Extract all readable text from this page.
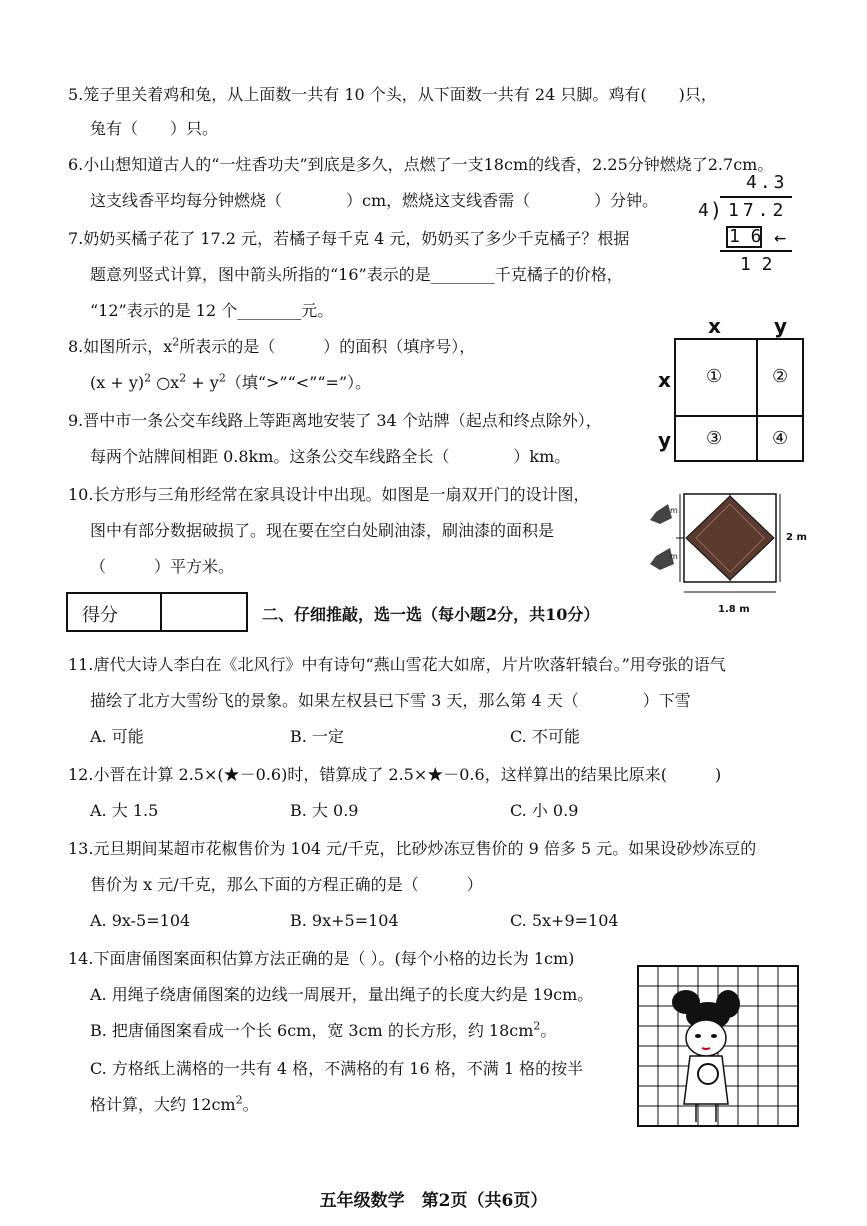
5.笼子里关着鸡和兔，从上面数一共有 10 个头，从下面数一共有 24 只脚。鸡有(　　)只，
兔有（　　）只。
6.小山想知道古人的“一炷香功夫”到底是多久，点燃了一支18cm的线香，2.25分钟燃烧了2.7cm。
这支线香平均每分钟燃烧（　　　　）cm，燃烧这支线香需（　　　　）分钟。
7.奶奶买橘子花了 17.2 元，若橘子每千克 4 元，奶奶买了多少千克橘子？根据
题意列竖式计算，图中箭头所指的“16”表示的是________千克橘子的价格，
“12”表示的是 12 个________元。
4.3
4 ) 17.2
1 6 ←
1 2
8.如图所示，$x^2$所表示的是（　　　）的面积（填序号），
$(x + y)^2$ $○x^2 + y^2$（填“>”“<”“=”）。
x	y
x
y
①	②
③	④
9.晋中市一条公交车线路上等距离地安装了 34 个站牌（起点和终点除外），
每两个站牌间相距 0.8km。这条公交车线路全长（　　　　）km。
10.长方形与三角形经常在家具设计中出现。如图是一扇双开门的设计图，
图中有部分数据破损了。现在要在空白处刷油漆，刷油漆的面积是
（　　　）平方米。
m
m
2 m
1.8 m
得分	二、仔细推敲，选一选（每小题2分，共10分）
11.唐代大诗人李白在《北风行》中有诗句“燕山雪花大如席，片片吹落轩辕台。”用夸张的语气
描绘了北方大雪纷飞的景象。如果左权县已下雪 3 天，那么第 4 天（　　　　）下雪
A. 可能	B. 一定	C. 不可能
12.小晋在计算 2.5×(★－0.6)时，错算成了 2.5×★－0.6，这样算出的结果比原来(　　　)
A. 大 1.5	B. 大 0.9	C. 小 0.9
13.元旦期间某超市花椒售价为 104 元/千克，比砂炒冻豆售价的 9 倍多 5 元。如果设砂炒冻豆的
售价为 x 元/千克，那么下面的方程正确的是（　　　）
A. 9x-5=104	B. 9x+5=104	C. 5x+9=104
14.下面唐俑图案面积估算方法正确的是（ ）。(每个小格的边长为 1cm)
A. 用绳子绕唐俑图案的边线一周展开，量出绳子的长度大约是 19cm。
B. 把唐俑图案看成一个长 6cm，宽 3cm 的长方形，约 $18cm^2$。
C. 方格纸上满格的一共有 4 格，不满格的有 16 格，不满 1 格的按半
格计算，大约 $12cm^2$。
五年级数学　第2页（共6页）
